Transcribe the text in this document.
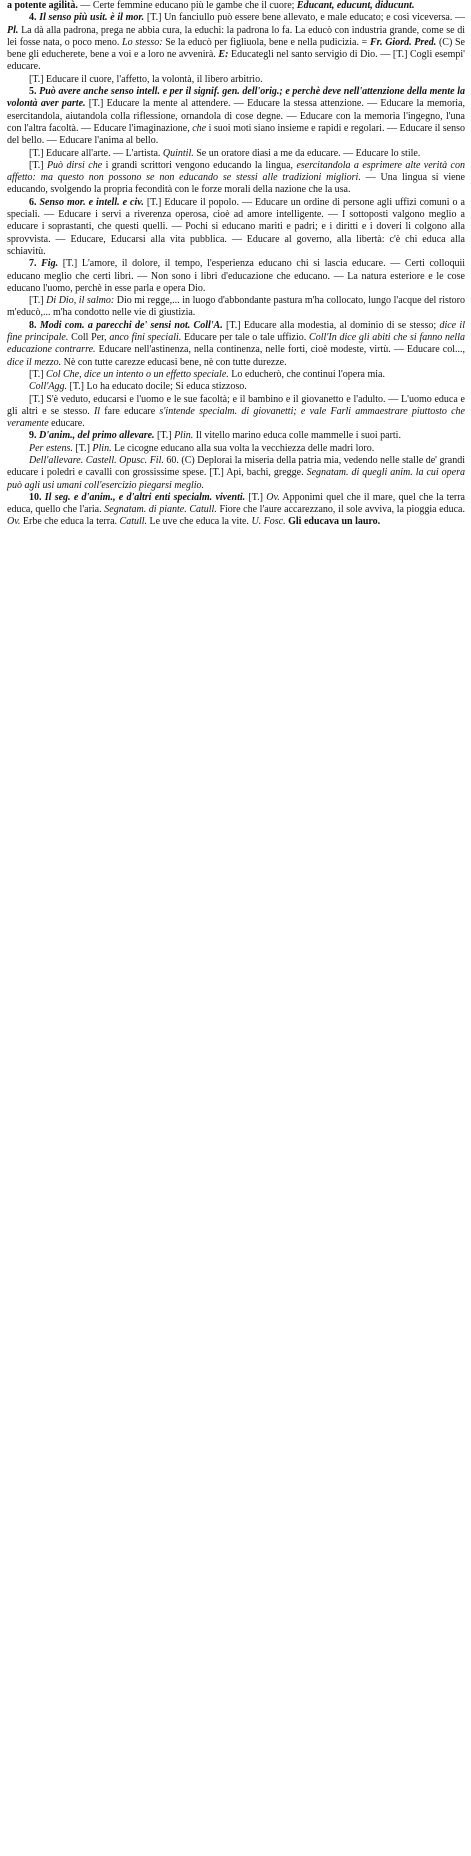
a potente agilità. — Certe femmine educano più le gambe che il cuore; Educant, educunt, diducunt.

4. Il senso più usit. è il mor. [T.] Un fanciullo può essere bene allevato, e male educato; e così viceversa. — Pl. La dà alla padrona, prega ne abbia cura, la educhi: la padrona lo fa. La educò con industria grande, come se di lei fosse nata, o poco meno. Lo stesso: Se la educò per figliuola, bene e nella pudicizia. = Fr. Giord. Pred. (C) Se bene gli educherete, bene a voi e a loro ne avvenirà. E: Educategli nel santo servigio di Dio. — [T.] Cogli esempi' educare.

[T.] Educare il cuore, l'affetto, la volontà, il libero arbitrio.

5. Può avere anche senso intell. e per il signif. gen. dell'orig.; e perchè deve nell'attenzione della mente la volontà aver parte. [T.] Educare la mente al attendere. — Educare la stessa attenzione. — Educare la memoria, esercitandola, aiutandola colla riflessione, ornandola di cose degne. — Educare con la memoria l'ingegno, l'una con l'altra facoltà. — Educare l'imaginazione, che i suoi moti siano insieme e rapidi e regolari. — Educare il senso del bello. — Educare l'anima al bello.

[T.] Educare all'arte. — L'artista. Quintil. Se un oratore diasi a me da educare. — Educare lo stile.

[T.] Può dirsi che i grandi scrittori vengono educando la lingua, esercitandola a esprimere alte verità con affetto: ma questo non possono se non educando se stessi alle tradizioni migliori. — Una lingua si viene educando, svolgendo la propria fecondità con le forze morali della nazione che la usa.

6. Senso mor. e intell. e civ. [T.] Educare il popolo. — Educare un ordine di persone agli uffizi comuni o a speciali. — Educare i servi a riverenza operosa, cioè ad amore intelligente. — I sottoposti valgono meglio a educare i soprastanti, che questi quelli. — Pochi si educano mariti e padri; e i diritti e i doveri li colgono alla sprovvista. — Educare, Educarsi alla vita pubblica. — Educare al governo, alla libertà: c'è chi educa alla schiavitù.

7. Fig. [T.] L'amore, il dolore, il tempo, l'esperienza educano chi si lascia educare. — Certi colloquii educano meglio che certi libri. — Non sono i libri d'educazione che educano. — La natura esteriore e le cose educano l'uomo, perchè in esse parla e opera Dio.

[T.] Di Dio, il salmo: Dio mi regge,... in luogo d'abbondante pastura m'ha collocato, lungo l'acque del ristoro m'educò,... m'ha condotto nelle vie di giustizia.

8. Modi com. a parecchi de' sensi not. Coll'A. [T.] Educare alla modestia, al dominio di se stesso; dice il fine principale. Coll Per, anco fini speciali. Educare per tale o tale uffizio. Coll'In dice gli abiti che si fanno nella educazione contrarre. Educare nell'astinenza, nella continenza, nelle forti, cioè modeste, virtù. — Educare col..., dice il mezzo. Nè con tutte carezze educasi bene, nè con tutte durezze.

[T.] Col Che, dice un intento o un effetto speciale. Lo educherò, che continui l'opera mia.

Coll'Agg. [T.] Lo ha educato docile; Si educa stizzoso.

[T.] S'è veduto, educarsi e l'uomo e le sue facoltà; e il bambino e il giovanetto e l'adulto. — L'uomo educa e gli altri e se stesso. Il fare educare s'intende specialm. di giovanetti; e vale Farli ammaestrare piuttosto che veramente educare.

9. D'anim., del primo allevare. [T.] Plin. Il vitello marino educa colle mammelle i suoi parti.

Per estens. [T.] Plin. Le cicogne educano alla sua volta la vecchiezza delle madri loro.

Dell'allevare. Castell. Opusc. Fil. 60. (C) Deplorai la miseria della patria mia, vedendo nelle stalle de' grandi educare i poledri e cavalli con grossissime spese. [T.] Api, bachi, gregge. Segnatam. di quegli anim. la cui opera può agli usi umani coll'esercizio piegarsi meglio.

10. Il seg. e d'anim., e d'altri enti specialm. viventi. [T.] Ov. Apponimi quel che il mare, quel che la terra educa, quello che l'aria. Segnatam. di piante. Catull. Fiore che l'aure accarezzano, il sole avviva, la pioggia educa. Ov. Erbe che educa la terra. Catull. Le uve che educa la vite. U. Fosc. Gli educava un lauro.
